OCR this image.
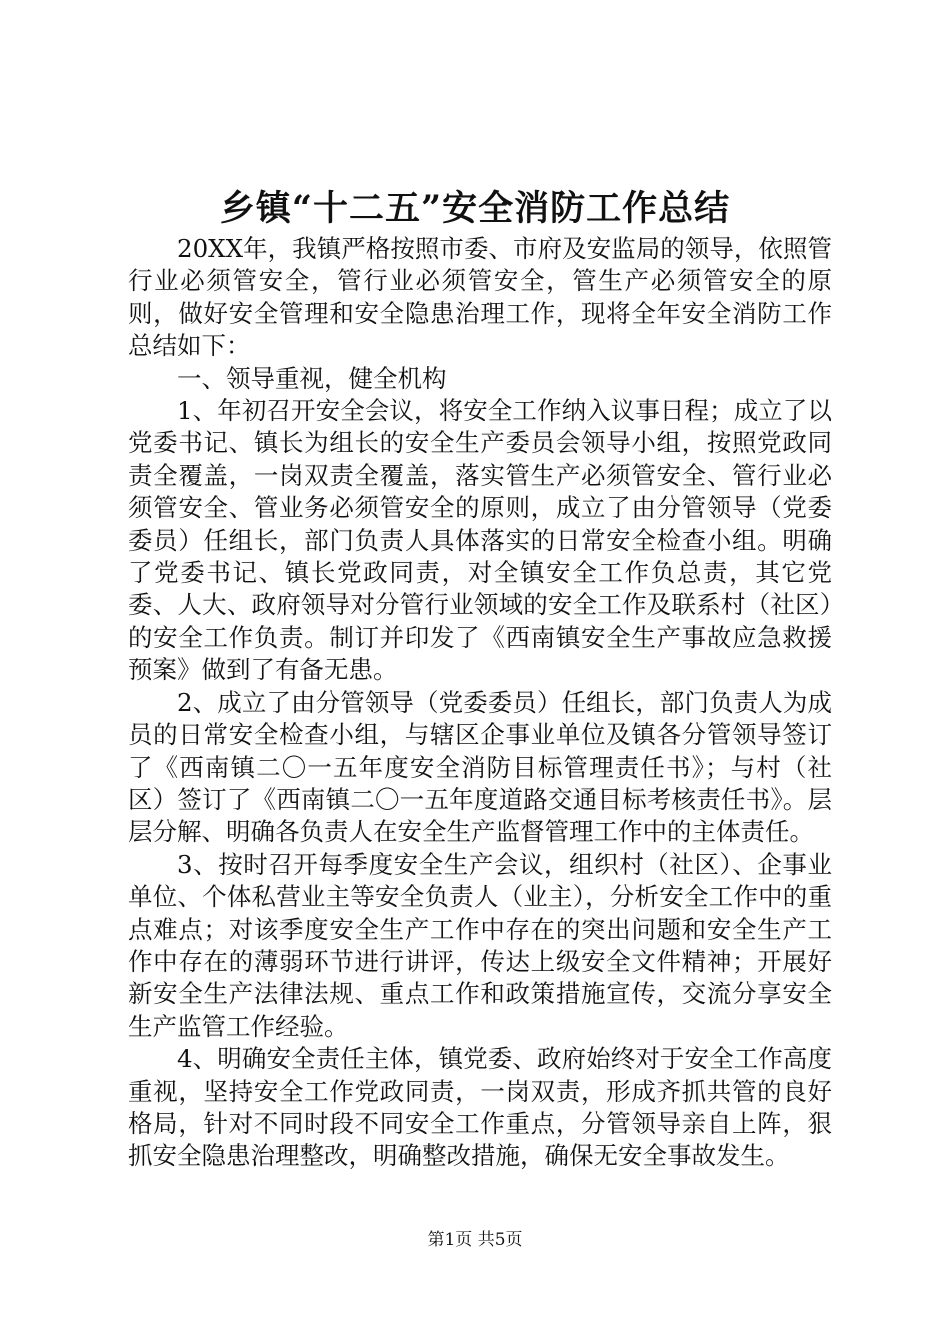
乡镇“十二五”安全消防工作总结

20XX年，我镇严格按照市委、市府及安监局的领导，依照管行业必须管安全，管行业必须管安全，管生产必须管安全的原则，做好安全管理和安全隐患治理工作，现将全年安全消防工作总结如下：

一、领导重视，健全机构

1、年初召开安全会议，将安全工作纳入议事日程；成立了以党委书记、镇长为组长的安全生产委员会领导小组，按照党政同责全覆盖，一岗双责全覆盖，落实管生产必须管安全、管行业必须管安全、管业务必须管安全的原则，成立了由分管领导（党委委员）任组长，部门负责人具体落实的日常安全检查小组。明确了党委书记、镇长党政同责，对全镇安全工作负总责，其它党委、人大、政府领导对分管行业领域的安全工作及联系村（社区）的安全工作负责。制订并印发了《西南镇安全生产事故应急救援预案》做到了有备无患。

2、成立了由分管领导（党委委员）任组长，部门负责人为成员的日常安全检查小组，与辖区企事业单位及镇各分管领导签订了《西南镇二〇一五年度安全消防目标管理责任书》；与村（社区）签订了《西南镇二〇一五年度道路交通目标考核责任书》。层层分解、明确各负责人在安全生产监督管理工作中的主体责任。

3、按时召开每季度安全生产会议，组织村（社区）、企事业单位、个体私营业主等安全负责人（业主），分析安全工作中的重点难点；对该季度安全生产工作中存在的突出问题和安全生产工作中存在的薄弱环节进行讲评，传达上级安全文件精神；开展好新安全生产法律法规、重点工作和政策措施宣传，交流分享安全生产监管工作经验。

4、明确安全责任主体，镇党委、政府始终对于安全工作高度重视，坚持安全工作党政同责，一岗双责，形成齐抓共管的良好格局，针对不同时段不同安全工作重点，分管领导亲自上阵，狠抓安全隐患治理整改，明确整改措施，确保无安全事故发生。

第1页 共5页
